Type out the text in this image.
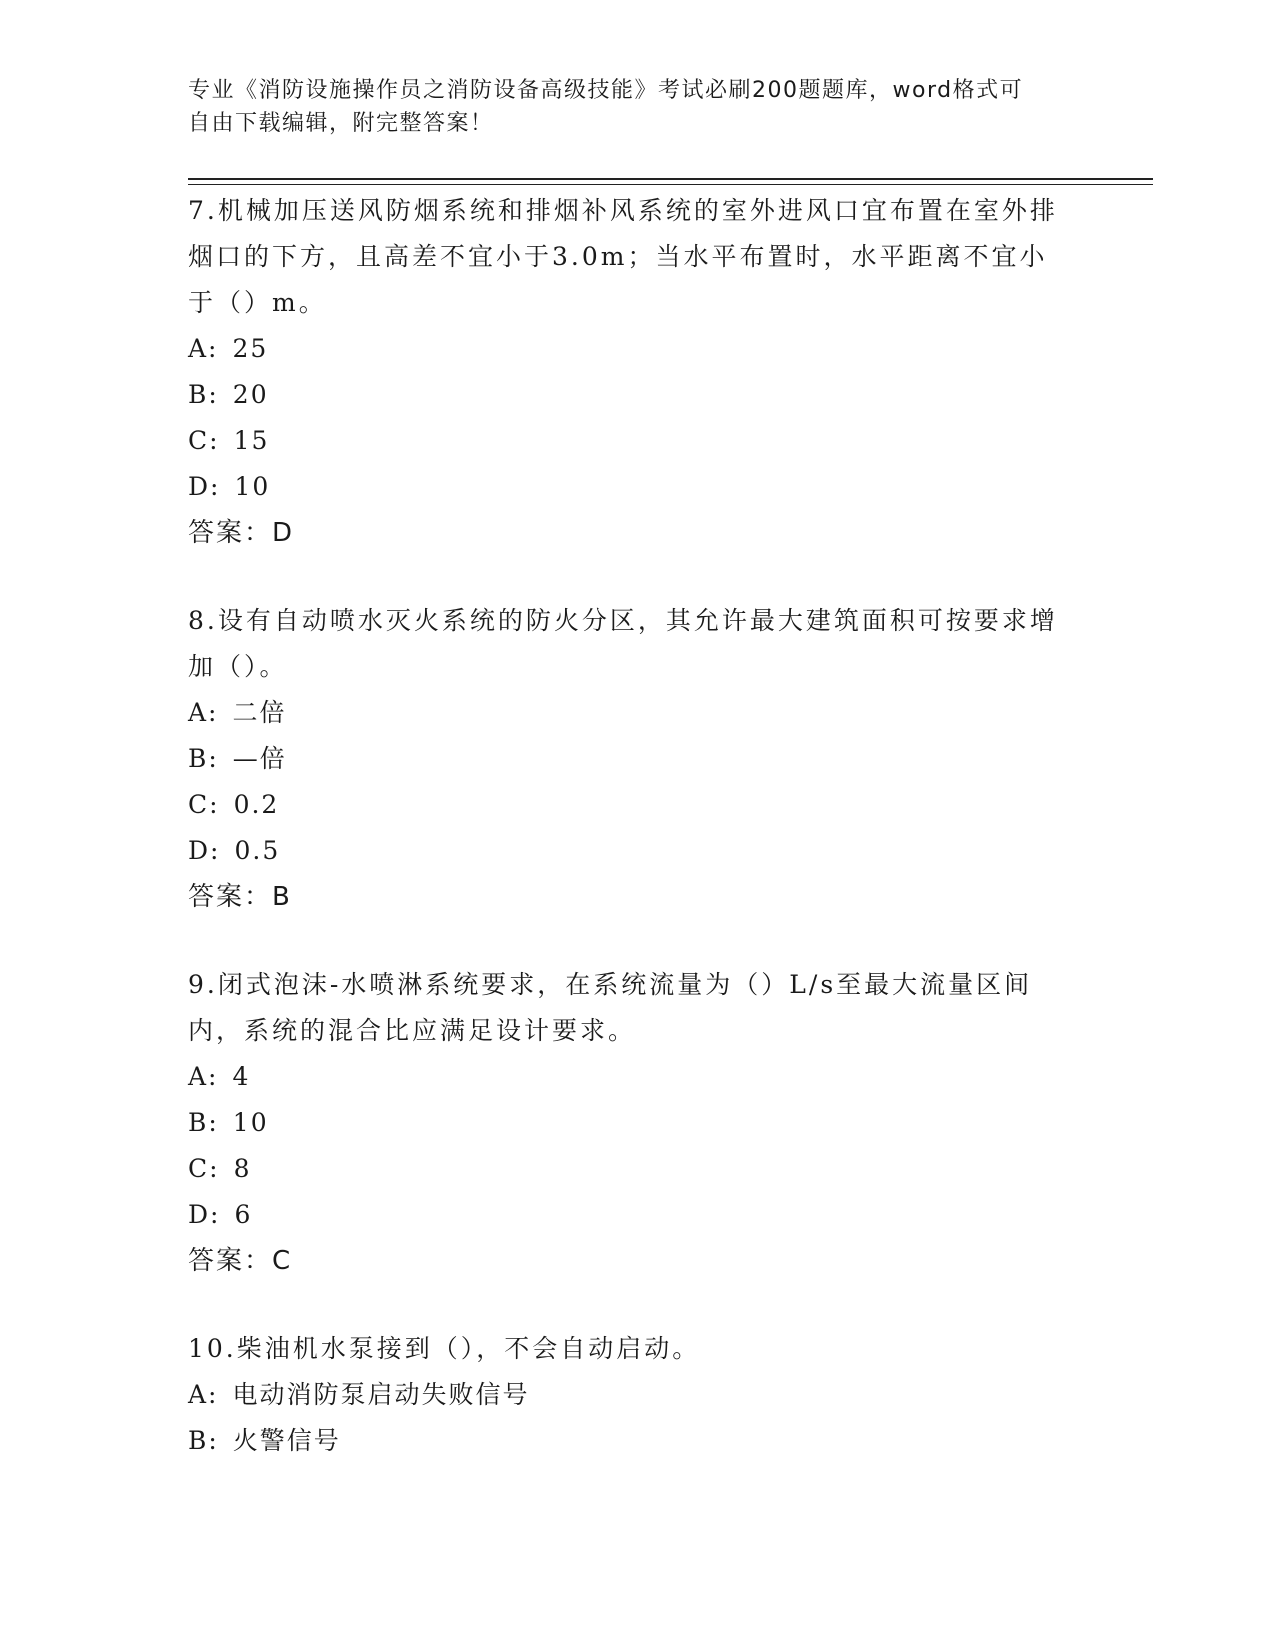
专业《消防设施操作员之消防设备高级技能》考试必刷200题题库，word格式可
自由下载编辑，附完整答案！
7.机械加压送风防烟系统和排烟补风系统的室外进风口宜布置在室外排烟口的下方，且高差不宜小于3.0m；当水平布置时，水平距离不宜小于（）m。
A: 25
B: 20
C: 15
D: 10
答案：D
8.设有自动喷水灭火系统的防火分区，其允许最大建筑面积可按要求增加（）。
A: 二倍
B: —倍
C: 0.2
D: 0.5
答案：B
9.闭式泡沫-水喷淋系统要求，在系统流量为（）L/s至最大流量区间内，系统的混合比应满足设计要求。
A: 4
B: 10
C: 8
D: 6
答案：C
10.柴油机水泵接到（），不会自动启动。
A: 电动消防泵启动失败信号
B: 火警信号
